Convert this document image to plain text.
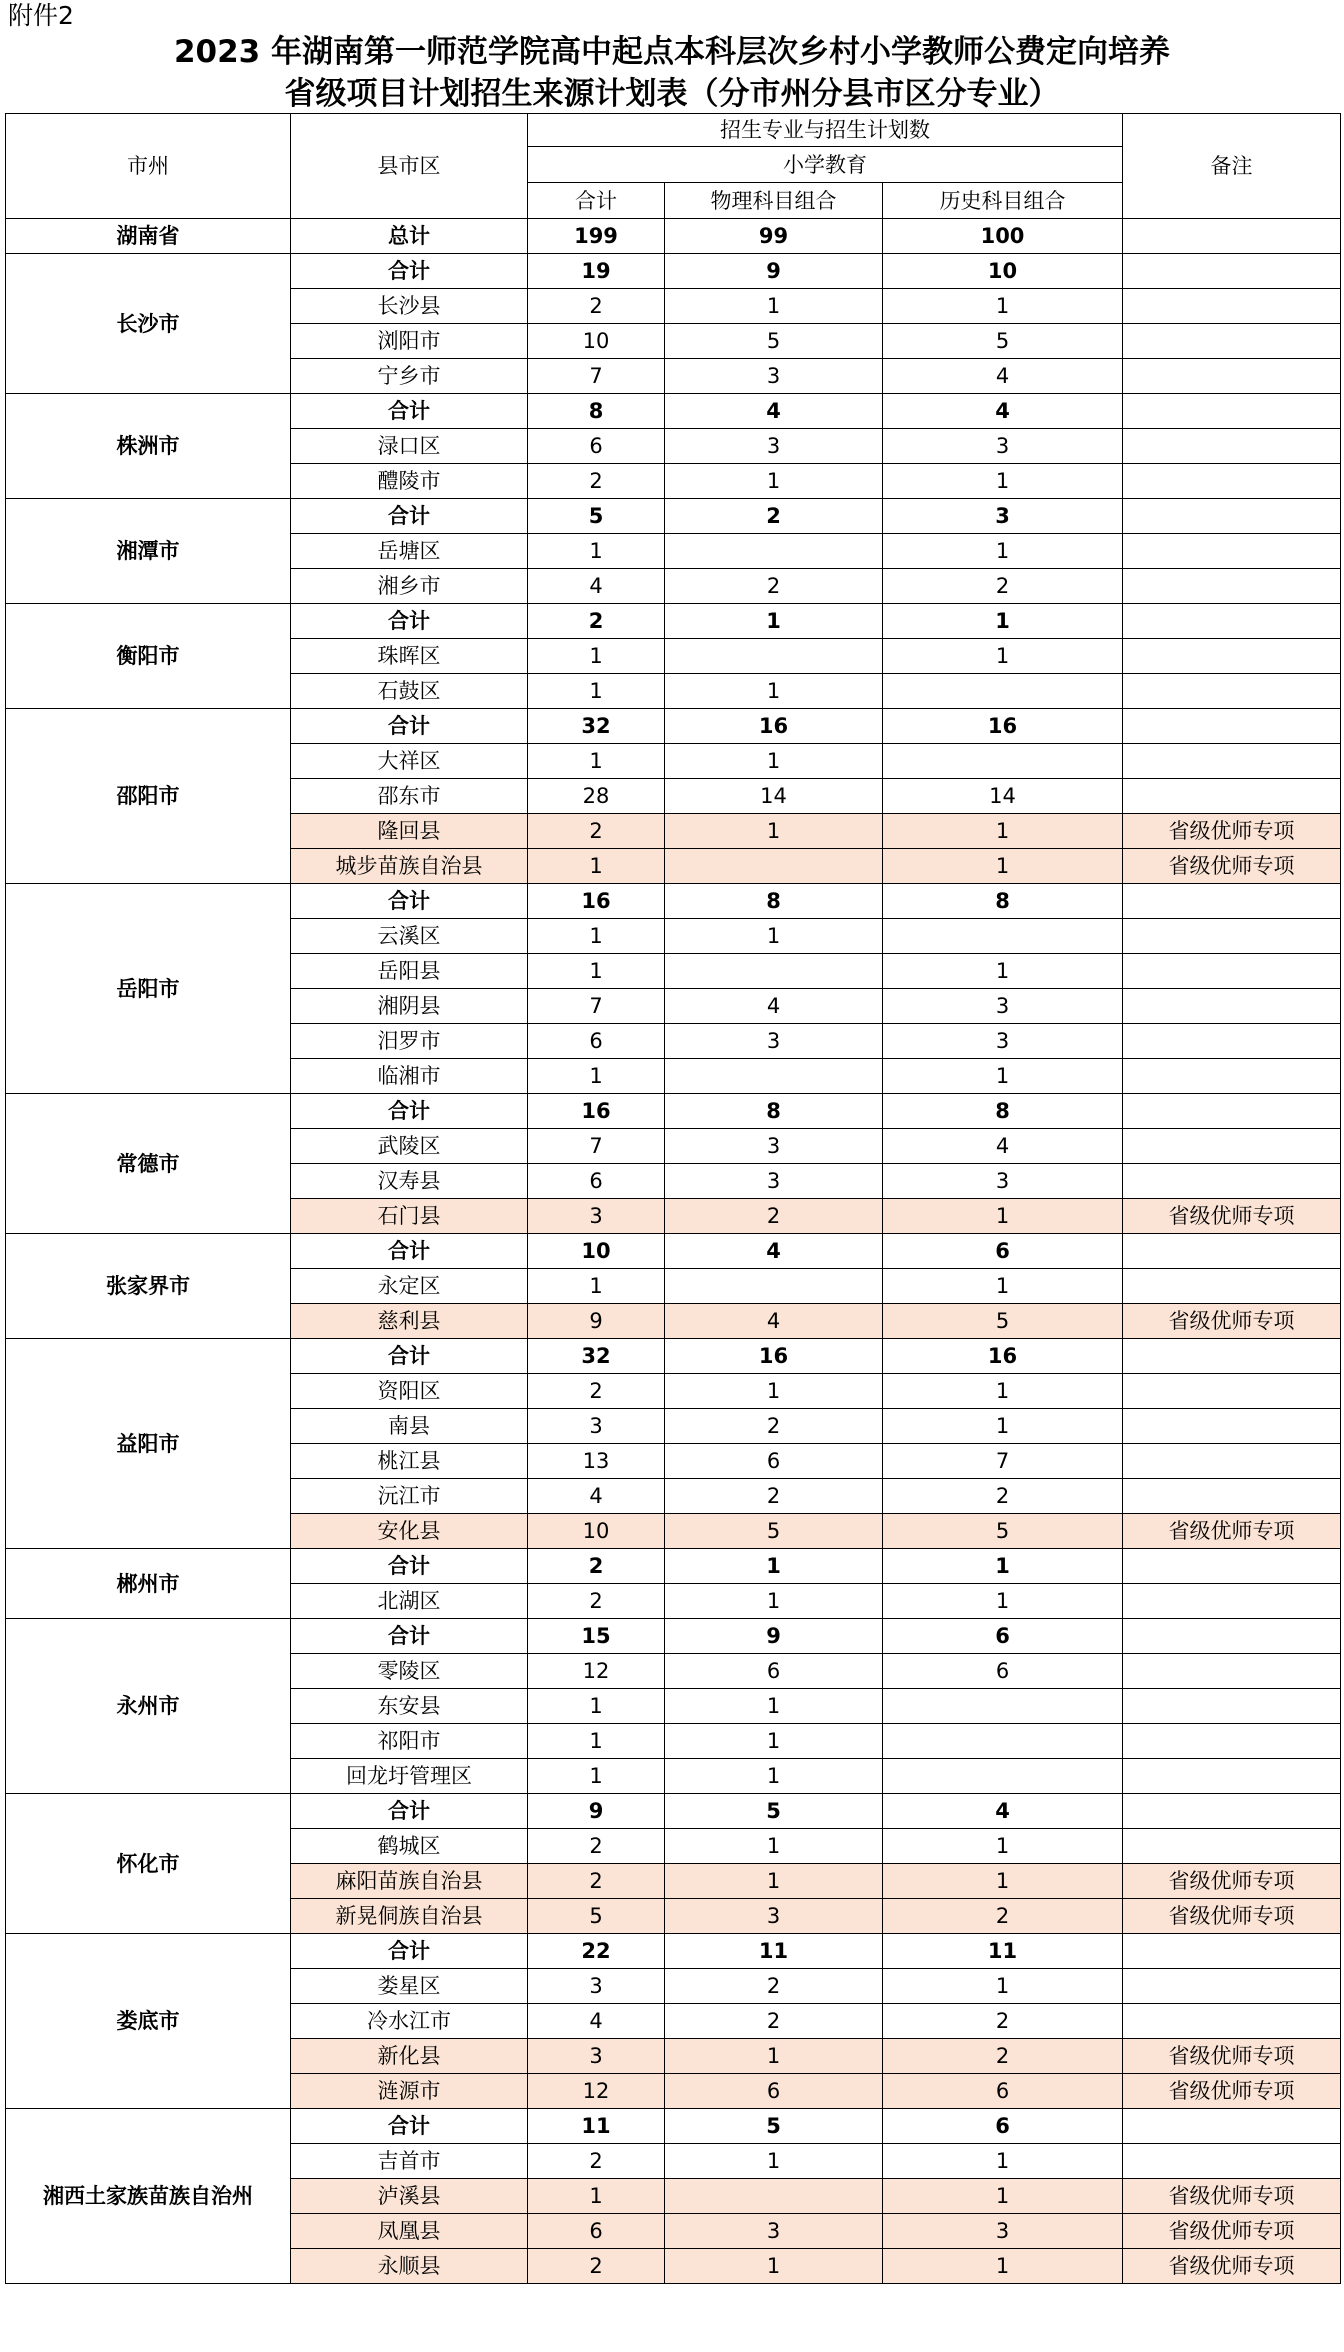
附件2
2023 年湖南第一师范学院高中起点本科层次乡村小学教师公费定向培养
省级项目计划招生来源计划表（分市州分县市区分专业）
市州	县市区	招生专业与招生计划数			备注
		小学教育			
		合计	物理科目组合	历史科目组合	
湖南省	总计	199	99	100	
长沙市	合计	19	9	10	
	长沙县	2	1	1	
	浏阳市	10	5	5	
	宁乡市	7	3	4	
株洲市	合计	8	4	4	
	渌口区	6	3	3	
	醴陵市	2	1	1	
湘潭市	合计	5	2	3	
	岳塘区	1		1	
	湘乡市	4	2	2	
衡阳市	合计	2	1	1	
	珠晖区	1		1	
	石鼓区	1	1		
邵阳市	合计	32	16	16	
	大祥区	1	1		
	邵东市	28	14	14	
	隆回县	2	1	1	省级优师专项
	城步苗族自治县	1		1	省级优师专项
岳阳市	合计	16	8	8	
	云溪区	1	1		
	岳阳县	1		1	
	湘阴县	7	4	3	
	汨罗市	6	3	3	
	临湘市	1		1	
常德市	合计	16	8	8	
	武陵区	7	3	4	
	汉寿县	6	3	3	
	石门县	3	2	1	省级优师专项
张家界市	合计	10	4	6	
	永定区	1		1	
	慈利县	9	4	5	省级优师专项
益阳市	合计	32	16	16	
	资阳区	2	1	1	
	南县	3	2	1	
	桃江县	13	6	7	
	沅江市	4	2	2	
	安化县	10	5	5	省级优师专项
郴州市	合计	2	1	1	
	北湖区	2	1	1	
永州市	合计	15	9	6	
	零陵区	12	6	6	
	东安县	1	1		
	祁阳市	1	1		
	回龙圩管理区	1	1		
怀化市	合计	9	5	4	
	鹤城区	2	1	1	
	麻阳苗族自治县	2	1	1	省级优师专项
	新晃侗族自治县	5	3	2	省级优师专项
娄底市	合计	22	11	11	
	娄星区	3	2	1	
	冷水江市	4	2	2	
	新化县	3	1	2	省级优师专项
	涟源市	12	6	6	省级优师专项
湘西土家族苗族自治州	合计	11	5	6	
	吉首市	2	1	1	
	泸溪县	1		1	省级优师专项
	凤凰县	6	3	3	省级优师专项
	永顺县	2	1	1	省级优师专项
